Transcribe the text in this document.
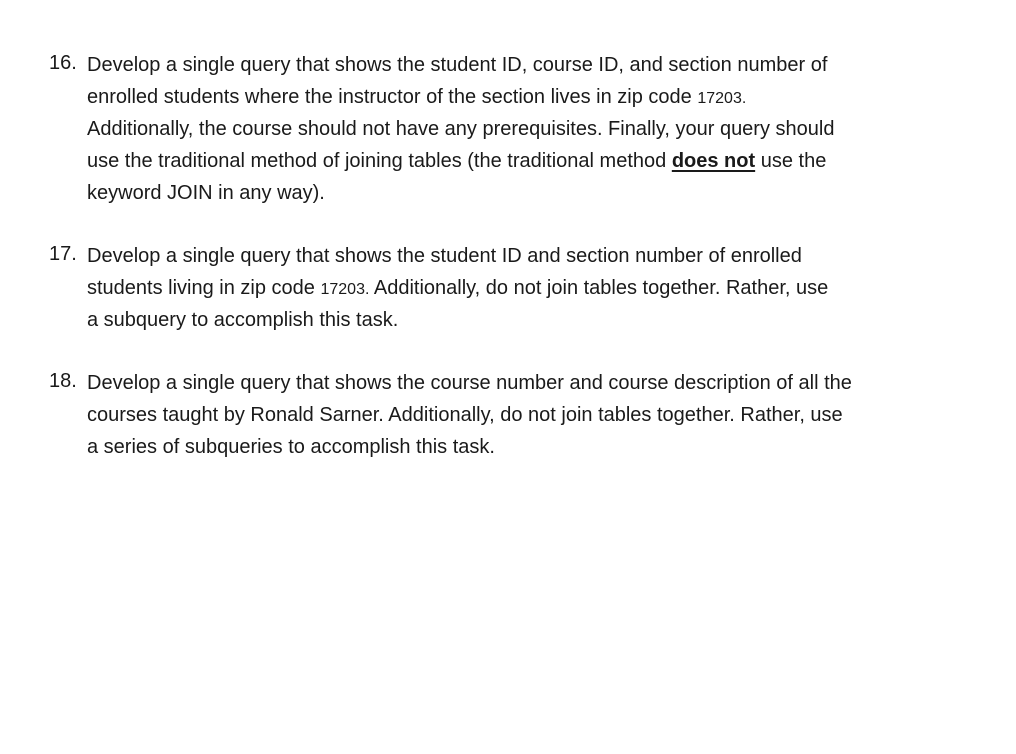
16. Develop a single query that shows the student ID, course ID, and section number of
enrolled students where the instructor of the section lives in zip code 17203.
Additionally, the course should not have any prerequisites. Finally, your query should
use the traditional method of joining tables (the traditional method does not use the
keyword JOIN in any way).
17. Develop a single query that shows the student ID and section number of enrolled
students living in zip code 17203. Additionally, do not join tables together. Rather, use
a subquery to accomplish this task.
18. Develop a single query that shows the course number and course description of all the
courses taught by Ronald Sarner. Additionally, do not join tables together. Rather, use
a series of subqueries to accomplish this task.
